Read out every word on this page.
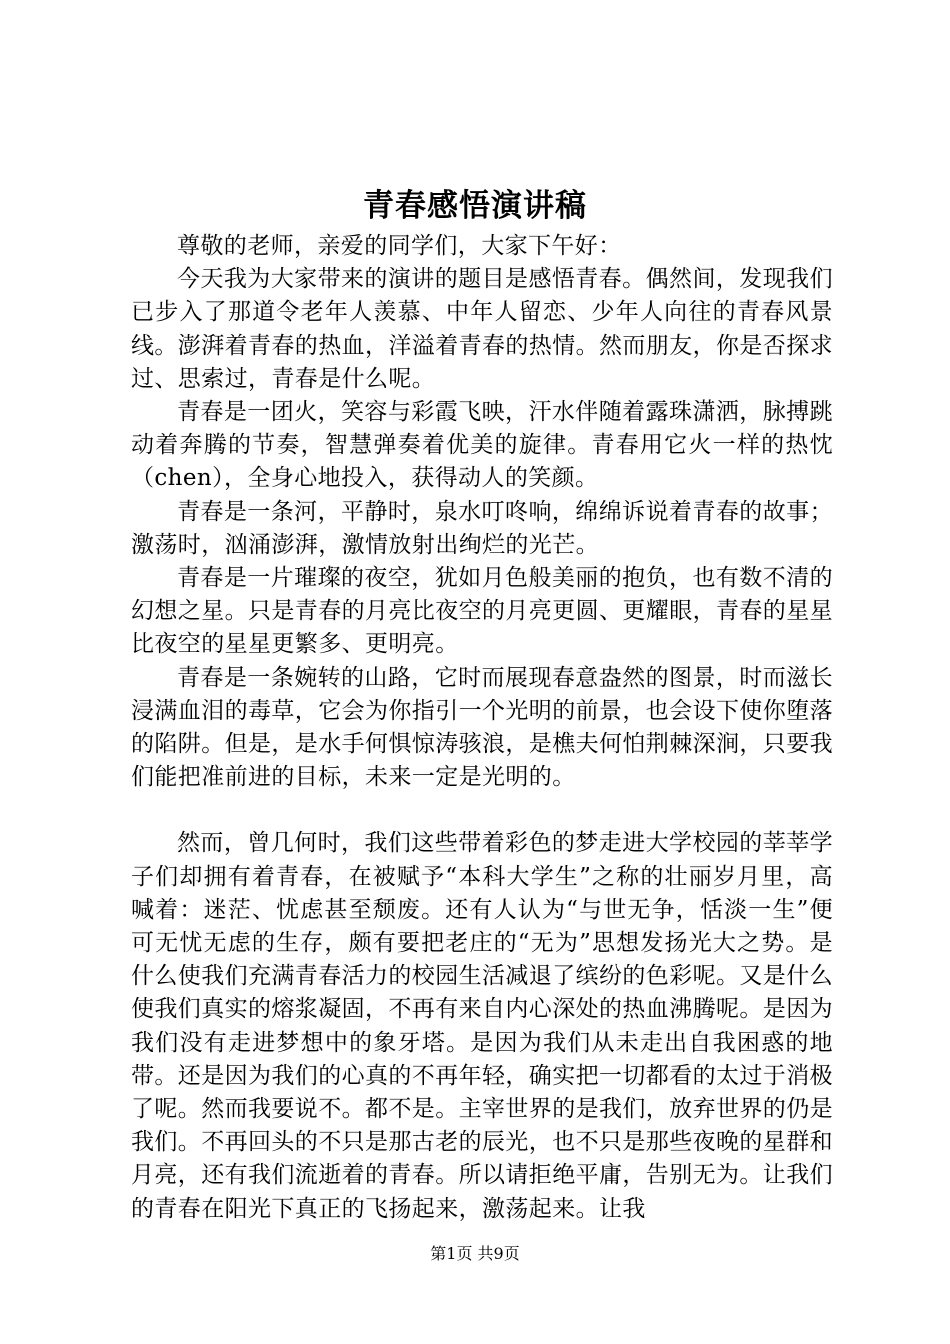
青春感悟演讲稿

尊敬的老师，亲爱的同学们，大家下午好：

今天我为大家带来的演讲的题目是感悟青春。偶然间，发现我们已步入了那道令老年人羡慕、中年人留恋、少年人向往的青春风景线。澎湃着青春的热血，洋溢着青春的热情。然而朋友，你是否探求过、思索过，青春是什么呢。

青春是一团火，笑容与彩霞飞映，汗水伴随着露珠潇洒，脉搏跳动着奔腾的节奏，智慧弹奏着优美的旋律。青春用它火一样的热忱（chen），全身心地投入，获得动人的笑颜。

青春是一条河，平静时，泉水叮咚响，绵绵诉说着青春的故事；激荡时，汹涌澎湃，激情放射出绚烂的光芒。

青春是一片璀璨的夜空，犹如月色般美丽的抱负，也有数不清的幻想之星。只是青春的月亮比夜空的月亮更圆、更耀眼，青春的星星比夜空的星星更繁多、更明亮。

青春是一条婉转的山路，它时而展现春意盎然的图景，时而滋长浸满血泪的毒草，它会为你指引一个光明的前景，也会设下使你堕落的陷阱。但是，是水手何惧惊涛骇浪，是樵夫何怕荆棘深涧，只要我们能把准前进的目标，未来一定是光明的。

然而，曾几何时，我们这些带着彩色的梦走进大学校园的莘莘学子们却拥有着青春，在被赋予“本科大学生”之称的壮丽岁月里，高喊着：迷茫、忧虑甚至颓废。还有人认为“与世无争，恬淡一生”便可无忧无虑的生存，颇有要把老庄的“无为”思想发扬光大之势。是什么使我们充满青春活力的校园生活减退了缤纷的色彩呢。又是什么使我们真实的熔浆凝固，不再有来自内心深处的热血沸腾呢。是因为我们没有走进梦想中的象牙塔。是因为我们从未走出自我困惑的地带。还是因为我们的心真的不再年轻，确实把一切都看的太过于消极了呢。然而我要说不。都不是。主宰世界的是我们，放弃世界的仍是我们。不再回头的不只是那古老的辰光，也不只是那些夜晚的星群和月亮，还有我们流逝着的青春。所以请拒绝平庸，告别无为。让我们的青春在阳光下真正的飞扬起来，激荡起来。让我

第1页 共9页
